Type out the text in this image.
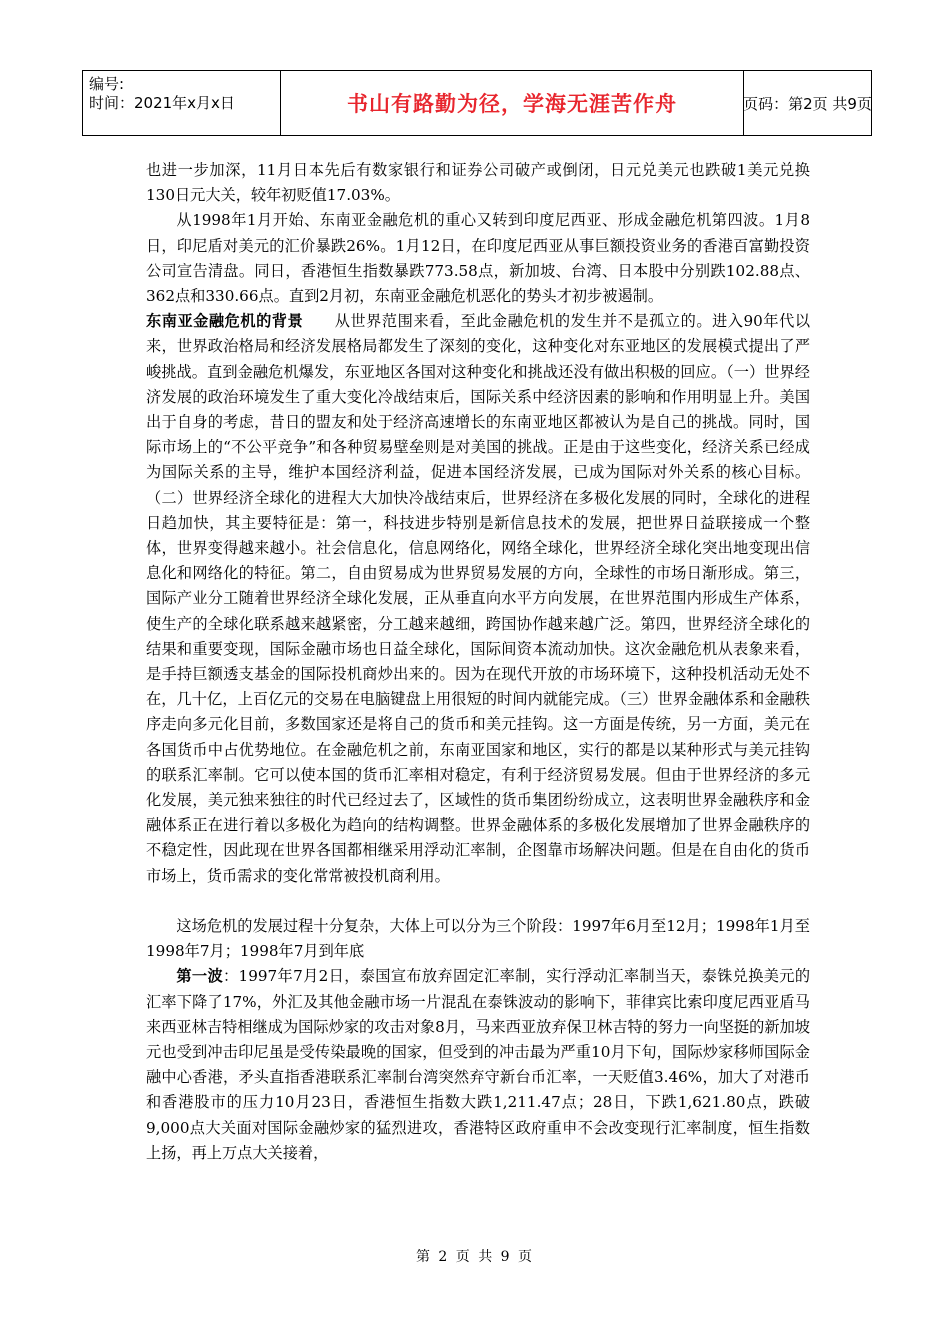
编号:
时间：2021年x月x日	书山有路勤为径，学海无涯苦作舟	页码：第2页 共9页

也进一步加深，11月日本先后有数家银行和证券公司破产或倒闭，日元兑美元也跌破1美元兑换130日元大关，较年初贬值17.03%。

从1998年1月开始、东南亚金融危机的重心又转到印度尼西亚、形成金融危机第四波。1月8日，印尼盾对美元的汇价暴跌26%。1月12日，在印度尼西亚从事巨额投资业务的香港百富勤投资公司宣告清盘。同日，香港恒生指数暴跌773.58点，新加坡、台湾、日本股中分别跌102.88点、362点和330.66点。直到2月初，东南亚金融危机恶化的势头才初步被遏制。

东南亚金融危机的背景　　从世界范围来看，至此金融危机的发生并不是孤立的。进入90年代以来，世界政治格局和经济发展格局都发生了深刻的变化，这种变化对东亚地区的发展模式提出了严峻挑战。直到金融危机爆发，东亚地区各国对这种变化和挑战还没有做出积极的回应。（一）世界经济发展的政治环境发生了重大变化冷战结束后，国际关系中经济因素的影响和作用明显上升。美国出于自身的考虑，昔日的盟友和处于经济高速增长的东南亚地区都被认为是自己的挑战。同时，国际市场上的“不公平竞争”和各种贸易壁垒则是对美国的挑战。正是由于这些变化，经济关系已经成为国际关系的主导，维护本国经济利益，促进本国经济发展，已成为国际对外关系的核心目标。（二）世界经济全球化的进程大大加快冷战结束后，世界经济在多极化发展的同时，全球化的进程日趋加快，其主要特征是：第一，科技进步特别是新信息技术的发展，把世界日益联接成一个整体，世界变得越来越小。社会信息化，信息网络化，网络全球化，世界经济全球化突出地变现出信息化和网络化的特征。第二，自由贸易成为世界贸易发展的方向，全球性的市场日渐形成。第三，国际产业分工随着世界经济全球化发展，正从垂直向水平方向发展，在世界范围内形成生产体系，使生产的全球化联系越来越紧密，分工越来越细，跨国协作越来越广泛。第四，世界经济全球化的结果和重要变现，国际金融市场也日益全球化，国际间资本流动加快。这次金融危机从表象来看，是手持巨额透支基金的国际投机商炒出来的。因为在现代开放的市场环境下，这种投机活动无处不在，几十亿，上百亿元的交易在电脑键盘上用很短的时间内就能完成。（三）世界金融体系和金融秩序走向多元化目前，多数国家还是将自己的货币和美元挂钩。这一方面是传统，另一方面，美元在各国货币中占优势地位。在金融危机之前，东南亚国家和地区，实行的都是以某种形式与美元挂钩的联系汇率制。它可以使本国的货币汇率相对稳定，有利于经济贸易发展。但由于世界经济的多元化发展，美元独来独往的时代已经过去了，区域性的货币集团纷纷成立，这表明世界金融秩序和金融体系正在进行着以多极化为趋向的结构调整。世界金融体系的多极化发展增加了世界金融秩序的不稳定性，因此现在世界各国都相继采用浮动汇率制，企图靠市场解决问题。但是在自由化的货币市场上，货币需求的变化常常被投机商利用。

这场危机的发展过程十分复杂，大体上可以分为三个阶段：1997年6月至12月；1998年1月至1998年7月；1998年7月到年底

第一波：1997年7月2日，泰国宣布放弃固定汇率制，实行浮动汇率制当天，泰铢兑换美元的汇率下降了17%，外汇及其他金融市场一片混乱在泰铢波动的影响下，菲律宾比索印度尼西亚盾马来西亚林吉特相继成为国际炒家的攻击对象8月，马来西亚放弃保卫林吉特的努力一向坚挺的新加坡元也受到冲击印尼虽是受传染最晚的国家，但受到的冲击最为严重10月下旬，国际炒家移师国际金融中心香港，矛头直指香港联系汇率制台湾突然弃守新台币汇率，一天贬值3.46%，加大了对港币和香港股市的压力10月23日，香港恒生指数大跌1,211.47点；28日，下跌1,621.80点，跌破9,000点大关面对国际金融炒家的猛烈进攻，香港特区政府重申不会改变现行汇率制度，恒生指数上扬，再上万点大关接着，

第 2 页 共 9 页
